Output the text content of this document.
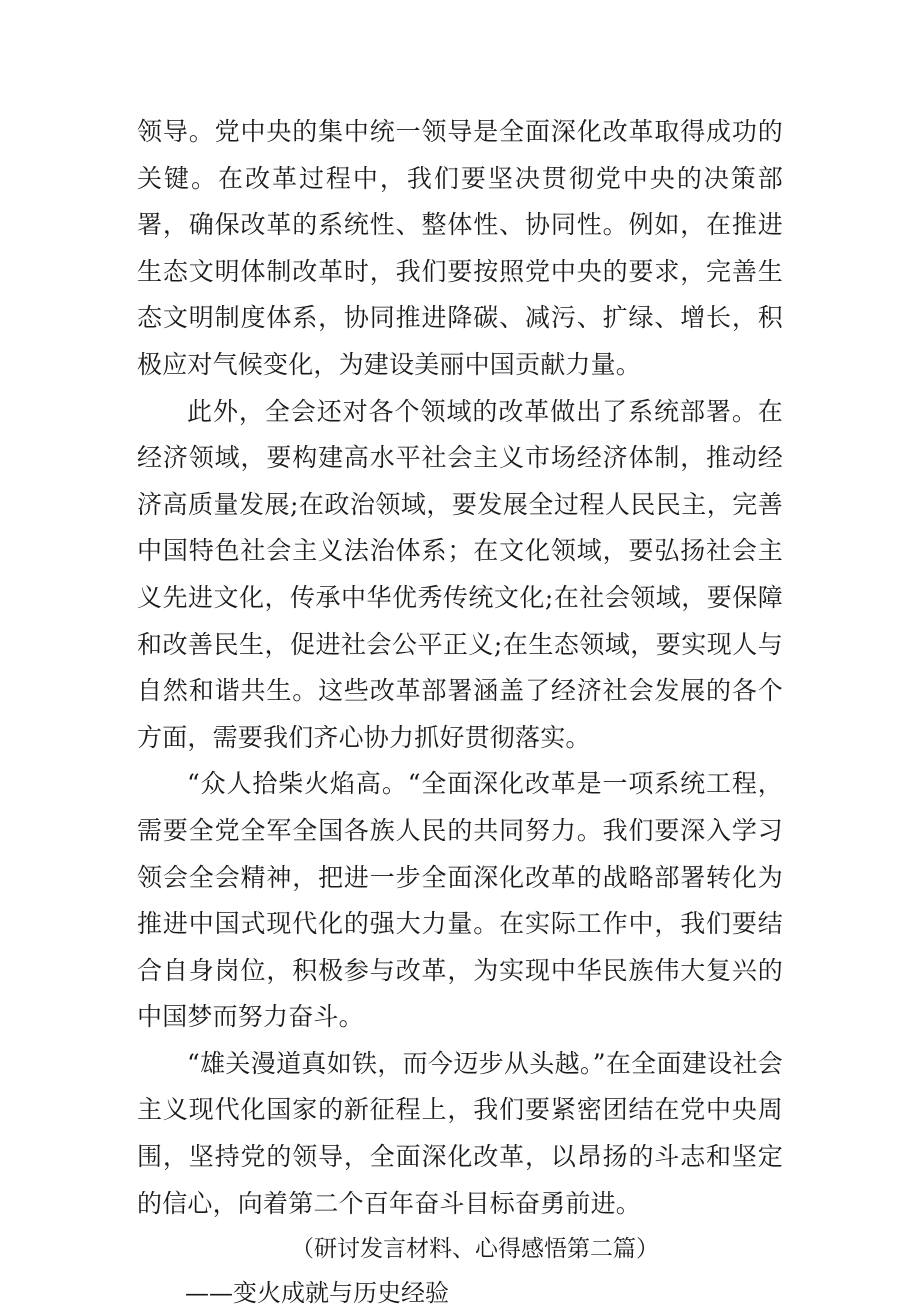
领导。党中央的集中统一领导是全面深化改革取得成功的关键。在改革过程中，我们要坚决贯彻党中央的决策部署，确保改革的系统性、整体性、协同性。例如，在推进生态文明体制改革时，我们要按照党中央的要求，完善生态文明制度体系，协同推进降碳、减污、扩绿、增长，积极应对气候变化，为建设美丽中国贡献力量。

此外，全会还对各个领域的改革做出了系统部署。在经济领域，要构建高水平社会主义市场经济体制，推动经济高质量发展;在政治领域，要发展全过程人民民主，完善中国特色社会主义法治体系；在文化领域，要弘扬社会主义先进文化，传承中华优秀传统文化;在社会领域，要保障和改善民生，促进社会公平正义;在生态领域，要实现人与自然和谐共生。这些改革部署涵盖了经济社会发展的各个方面，需要我们齐心协力抓好贯彻落实。

“众人拾柴火焰高。“全面深化改革是一项系统工程，需要全党全军全国各族人民的共同努力。我们要深入学习领会全会精神，把进一步全面深化改革的战略部署转化为推进中国式现代化的强大力量。在实际工作中，我们要结合自身岗位，积极参与改革，为实现中华民族伟大复兴的中国梦而努力奋斗。

“雄关漫道真如铁，而今迈步从头越。”在全面建设社会主义现代化国家的新征程上，我们要紧密团结在党中央周围，坚持党的领导，全面深化改革，以昂扬的斗志和坚定的信心，向着第二个百年奋斗目标奋勇前进。

（研讨发言材料、心得感悟第二篇）

——变火成就与历史经验
